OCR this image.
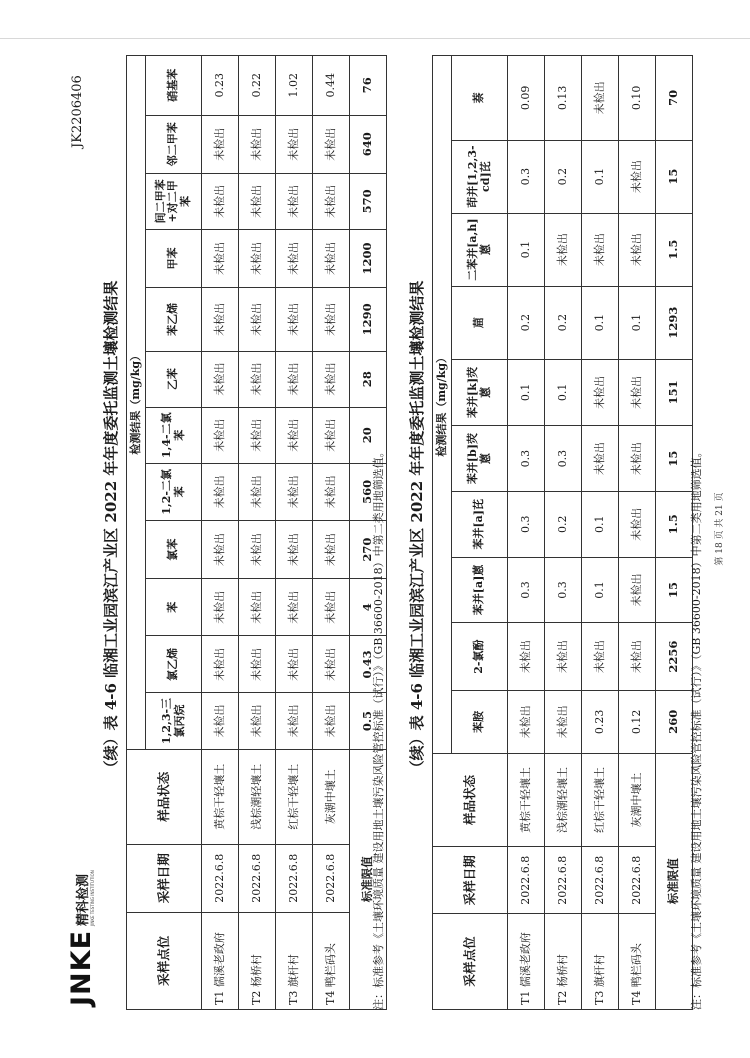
JNKE
精科检测 JINKE TESTING INSTITUTION
JK2206406
（续）表 4-6 临湘工业园滨江产业区 2022 年年度委托监测土壤检测结果
采样点位	采样日期	样品状态	检测结果（mg/kg）											
			1,2,3-三氯丙烷	氯乙烯	苯	氯苯	1,2-二氯苯	1,4-二氯苯	乙苯	苯乙烯	甲苯	间二甲苯+对二甲苯	邻二甲苯	硝基苯
T1 儒溪老政府	2022.6.8	黄棕干轻壤土	未检出	未检出	未检出	未检出	未检出	未检出	未检出	未检出	未检出	未检出	未检出	0.23
T2 杨桥村	2022.6.8	浅棕潮轻壤土	未检出	未检出	未检出	未检出	未检出	未检出	未检出	未检出	未检出	未检出	未检出	0.22
T3 旗杆村	2022.6.8	红棕干轻壤土	未检出	未检出	未检出	未检出	未检出	未检出	未检出	未检出	未检出	未检出	未检出	1.02
T4 鸭栏码头	2022.6.8	灰潮中壤土	未检出	未检出	未检出	未检出	未检出	未检出	未检出	未检出	未检出	未检出	未检出	0.44
标准限值			0.5	0.43	4	270	560	20	28	1290	1200	570	640	76
注：标准参考《土壤环境质量 建设用地土壤污染风险管控标准（试行）》（GB 36600-2018）中第二类用地筛选值。 （续）表 4-6 临湘工业园滨江产业区 2022 年年度委托监测土壤检测结果
采样点位	采样日期	样品状态	检测结果（mg/kg）									
			苯胺	2-氯酚	苯并[a]蒽	苯并[a]芘	苯并[b]荧蒽	苯并[k]荧蒽	䓛	二苯并[a,h]蒽	茚并[1,2,3-cd]芘	萘
T1 儒溪老政府	2022.6.8	黄棕干轻壤土	未检出	未检出	0.3	0.3	0.3	0.1	0.2	0.1	0.3	0.09
T2 杨桥村	2022.6.8	浅棕潮轻壤土	未检出	未检出	0.3	0.2	0.3	0.1	0.2	未检出	0.2	0.13
T3 旗杆村	2022.6.8	红棕干轻壤土	0.23	未检出	0.1	0.1	未检出	未检出	0.1	未检出	0.1	未检出
T4 鸭栏码头	2022.6.8	灰潮中壤土	0.12	未检出	未检出	未检出	未检出	未检出	0.1	未检出	未检出	0.10
标准限值			260	2256	15	1.5	15	151	1293	1.5	15	70
注：标准参考《土壤环境质量 建设用地土壤污染风险管控标准（试行）》（GB 36600-2018）中第二类用地筛选值。	第 18 页 共 21 页
